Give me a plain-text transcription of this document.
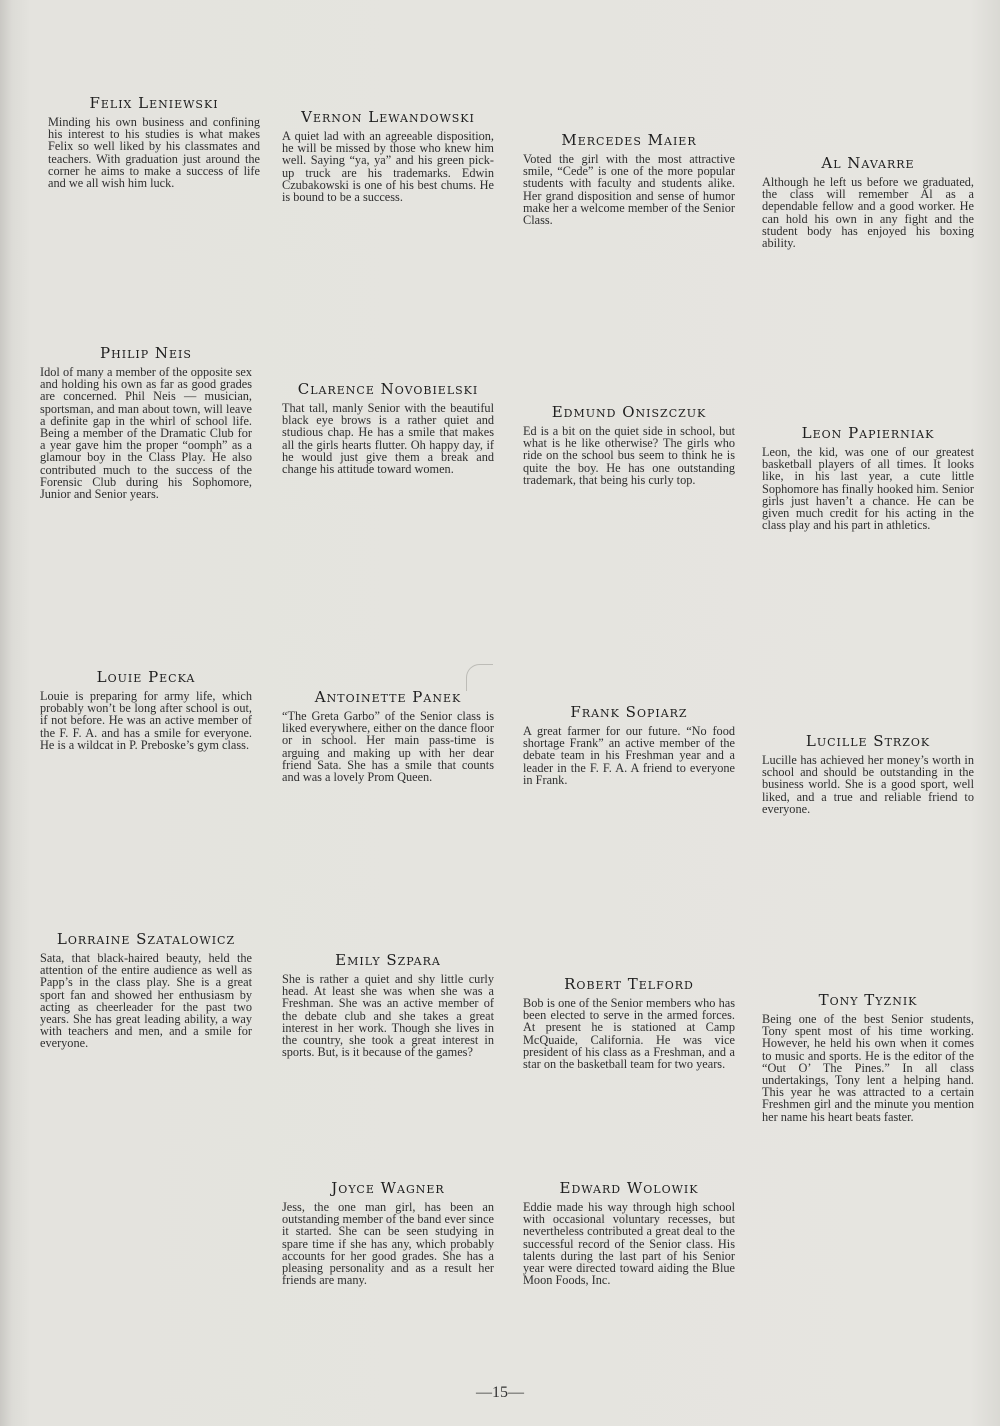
Felix Leniewski

Minding his own business and confining his interest to his studies is what makes Felix so well liked by his classmates and teachers. With graduation just around the corner he aims to make a success of life and we all wish him luck.

Vernon Lewandowski

A quiet lad with an agreeable disposition, he will be missed by those who knew him well. Saying “ya, ya” and his green pick-up truck are his trademarks. Edwin Czubakowski is one of his best chums. He is bound to be a success.

Mercedes Maier

Voted the girl with the most attractive smile, “Cede” is one of the more popular students with faculty and students alike. Her grand disposition and sense of humor make her a welcome member of the Senior Class.

Al Navarre

Although he left us before we graduated, the class will remember Al as a dependable fellow and a good worker. He can hold his own in any fight and the student body has enjoyed his boxing ability.

Philip Neis

Idol of many a member of the opposite sex and holding his own as far as good grades are concerned. Phil Neis — musician, sportsman, and man about town, will leave a definite gap in the whirl of school life. Being a member of the Dramatic Club for a year gave him the proper “oomph” as a glamour boy in the Class Play. He also contributed much to the success of the Forensic Club during his Sophomore, Junior and Senior years.

Clarence Novobielski

That tall, manly Senior with the beautiful black eye brows is a rather quiet and studious chap. He has a smile that makes all the girls hearts flutter. Oh happy day, if he would just give them a break and change his attitude toward women.

Edmund Oniszczuk

Ed is a bit on the quiet side in school, but what is he like otherwise? The girls who ride on the school bus seem to think he is quite the boy. He has one outstanding trademark, that being his curly top.

Leon Papierniak

Leon, the kid, was one of our greatest basketball players of all times. It looks like, in his last year, a cute little Sophomore has finally hooked him. Senior girls just haven’t a chance. He can be given much credit for his acting in the class play and his part in athletics.

Louie Pecka

Louie is preparing for army life, which probably won’t be long after school is out, if not before. He was an active member of the F. F. A. and has a smile for everyone. He is a wildcat in P. Preboske’s gym class.

Antoinette Panek

“The Greta Garbo” of the Senior class is liked everywhere, either on the dance floor or in school. Her main pass-time is arguing and making up with her dear friend Sata. She has a smile that counts and was a lovely Prom Queen.

Frank Sopiarz

A great farmer for our future. “No food shortage Frank” an active member of the debate team in his Freshman year and a leader in the F. F. A. A friend to everyone in Frank.

Lucille Strzok

Lucille has achieved her money’s worth in school and should be outstanding in the business world. She is a good sport, well liked, and a true and reliable friend to everyone.

Lorraine Szatalowicz

Sata, that black-haired beauty, held the attention of the entire audience as well as Papp’s in the class play. She is a great sport fan and showed her enthusiasm by acting as cheerleader for the past two years. She has great leading ability, a way with teachers and men, and a smile for everyone.

Emily Szpara

She is rather a quiet and shy little curly head. At least she was when she was a Freshman. She was an active member of the debate club and she takes a great interest in her work. Though she lives in the country, she took a great interest in sports. But, is it because of the games?

Robert Telford

Bob is one of the Senior members who has been elected to serve in the armed forces. At present he is stationed at Camp McQuaide, California. He was vice president of his class as a Freshman, and a star on the basketball team for two years.

Tony Tyznik

Being one of the best Senior students, Tony spent most of his time working. However, he held his own when it comes to music and sports. He is the editor of the “Out O’ The Pines.” In all class undertakings, Tony lent a helping hand. This year he was attracted to a certain Freshmen girl and the minute you mention her name his heart beats faster.

Joyce Wagner

Jess, the one man girl, has been an outstanding member of the band ever since it started. She can be seen studying in spare time if she has any, which probably accounts for her good grades. She has a pleasing personality and as a result her friends are many.

Edward Wolowik

Eddie made his way through high school with occasional voluntary recesses, but nevertheless contributed a great deal to the successful record of the Senior class. His talents during the last part of his Senior year were directed toward aiding the Blue Moon Foods, Inc.

—15—
